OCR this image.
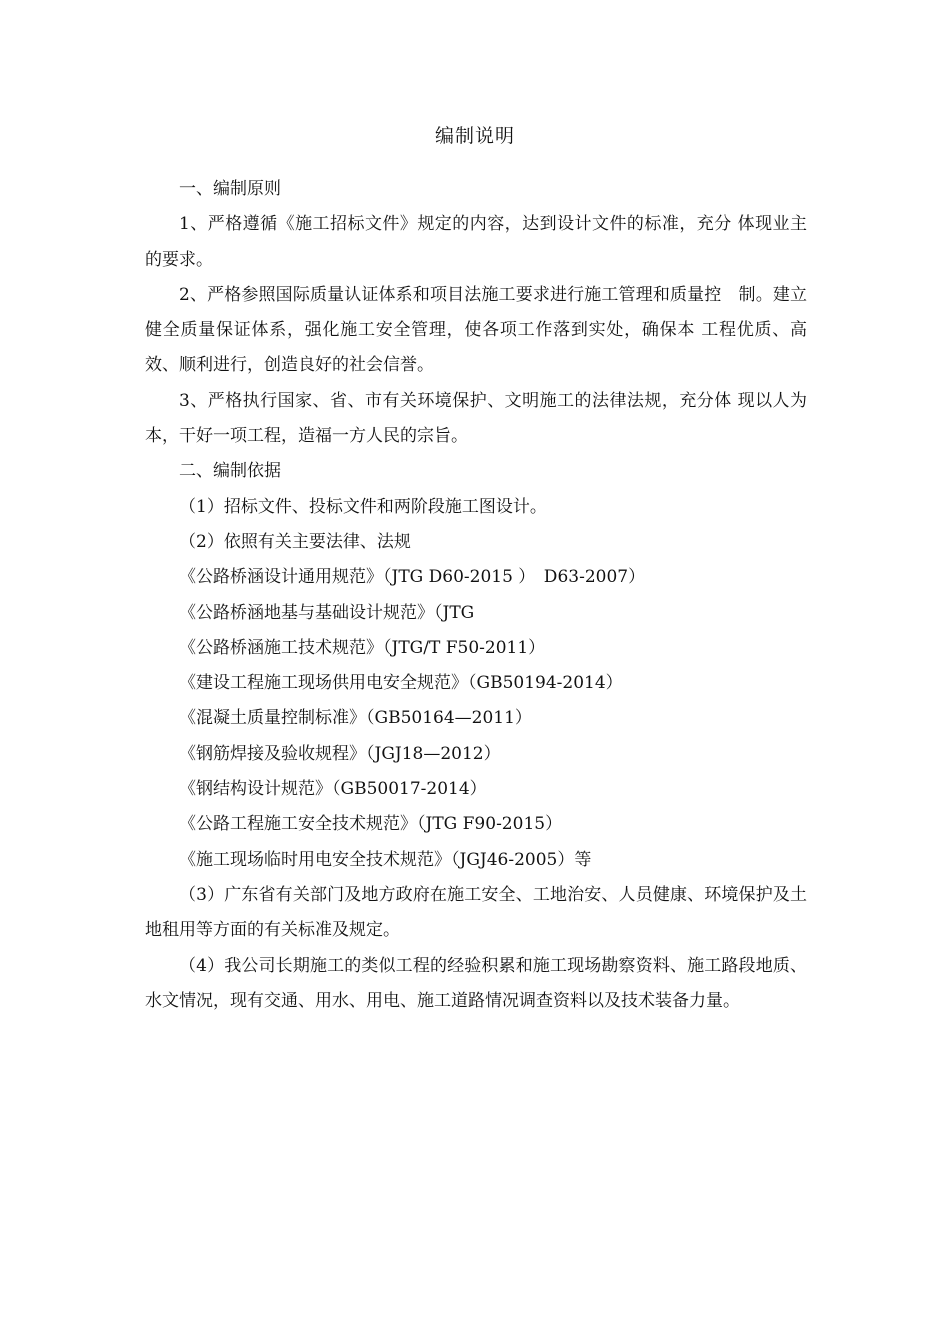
编制说明

一、编制原则

1、严格遵循《施工招标文件》规定的内容，达到设计文件的标准，充分 体现业主的要求。

2、严格参照国际质量认证体系和项目法施工要求进行施工管理和质量控　制。建立健全质量保证体系，强化施工安全管理，使各项工作落到实处，确保本 工程优质、高效、顺利进行，创造良好的社会信誉。

3、严格执行国家、省、市有关环境保护、文明施工的法律法规，充分体 现以人为本，干好一项工程，造福一方人民的宗旨。

二、编制依据

（1）招标文件、投标文件和两阶段施工图设计。

（2）依照有关主要法律、法规

《公路桥涵设计通用规范》（JTG D60-2015 ）　D63-2007）

《公路桥涵地基与基础设计规范》（JTG

《公路桥涵施工技术规范》（JTG/T F50-2011）

《建设工程施工现场供用电安全规范》（GB50194-2014）

《混凝土质量控制标准》（GB50164—2011）

《钢筋焊接及验收规程》（JGJ18—2012）

《钢结构设计规范》（GB50017-2014）

《公路工程施工安全技术规范》（JTG F90-2015）

《施工现场临时用电安全技术规范》（JGJ46-2005）等

（3）广东省有关部门及地方政府在施工安全、工地治安、人员健康、环境保护及土地租用等方面的有关标准及规定。

（4）我公司长期施工的类似工程的经验积累和施工现场勘察资料、施工路段地质、水文情况，现有交通、用水、用电、施工道路情况调查资料以及技术装备力量。
